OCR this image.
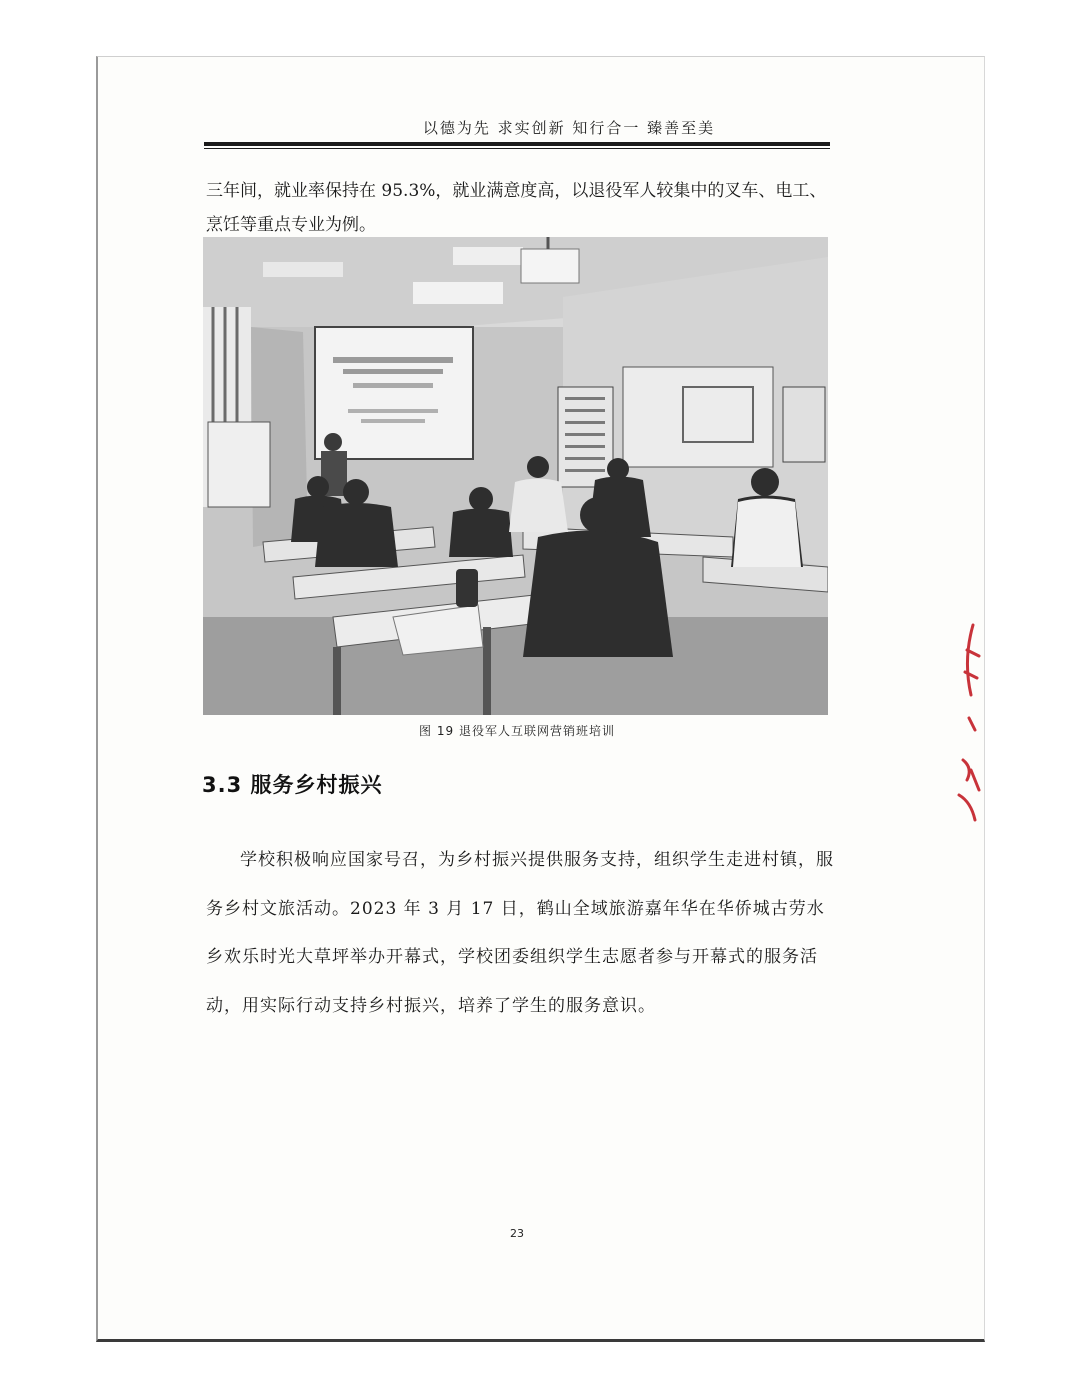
以德为先 求实创新 知行合一 臻善至美

三年间，就业率保持在 95.3%，就业满意度高，以退役军人较集中的叉车、电工、烹饪等重点专业为例。

图 19 退役军人互联网营销班培训
3.3 服务乡村振兴

学校积极响应国家号召，为乡村振兴提供服务支持，组织学生走进村镇，服务乡村文旅活动。2023 年 3 月 17 日，鹤山全域旅游嘉年华在华侨城古劳水乡欢乐时光大草坪举办开幕式，学校团委组织学生志愿者参与开幕式的服务活动，用实际行动支持乡村振兴，培养了学生的服务意识。

23
